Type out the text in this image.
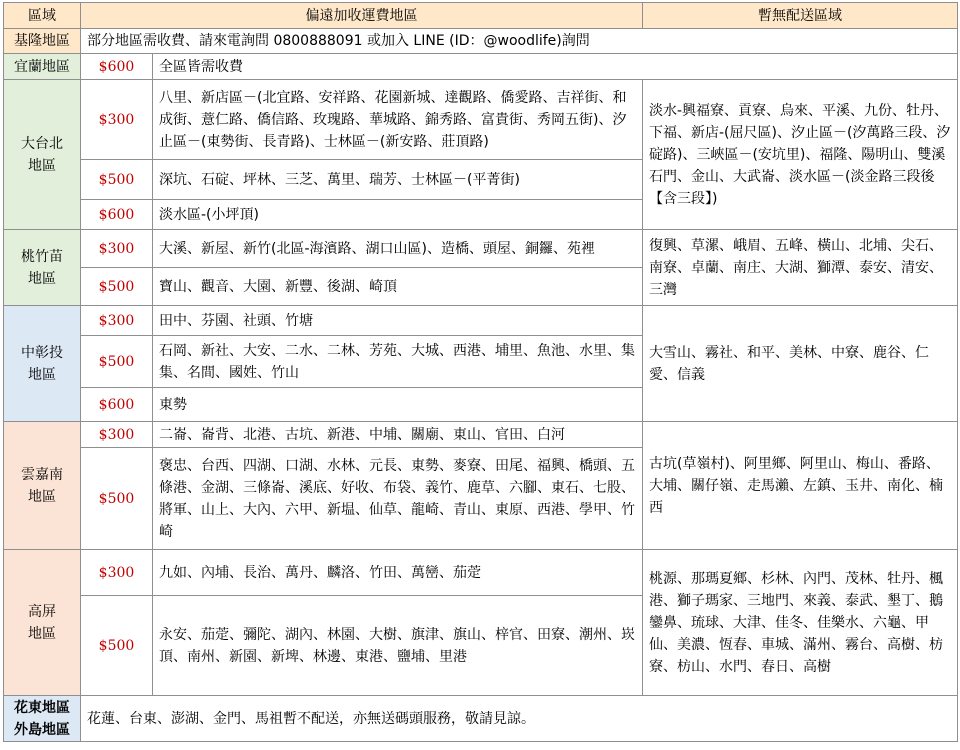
區域	偏遠加收運費地區		暫無配送區域
基隆地區	部分地區需收費、請來電詢問 0800888091 或加入 LINE (ID：@woodlife)詢問		
宜蘭地區	$600	全區皆需收費	

大台北
地區	$300	八里、新店區－(北宜路、安祥路、花園新城、達觀路、僑愛路、吉祥街、和成街、薏仁路、僑信路、玫瑰路、華城路、錦秀路、富貴街、秀岡五街)、汐止區－(東勢街、長青路)、士林區－(新安路、莊頂路)	淡水-興福寮、貢寮、烏來、平溪、九份、牡丹、下福、新店-(屈尺區)、汐止區－(汐萬路三段、汐碇路)、三峽區－(安坑里)、福隆、陽明山、雙溪石門、金山、大武崙、淡水區－(淡金路三段後【含三段】)
	$500	深坑、石碇、坪林、三芝、萬里、瑞芳、士林區－(平菁街)	
	$600	淡水區-(小坪頂)	

桃竹苗
地區	$300	大溪、新屋、新竹(北區-海濱路、湖口山區)、造橋、頭屋、銅鑼、苑裡	復興、草漯、峨眉、五峰、橫山、北埔、尖石、南寮、卓蘭、南庄、大湖、獅潭、泰安、清安、三灣
	$500	寶山、觀音、大園、新豐、後湖、崎頂	

中彰投
地區	$300	田中、芬園、社頭、竹塘	大雪山、霧社、和平、美林、中寮、鹿谷、仁愛、信義
	$500	石岡、新社、大安、二水、二林、芳苑、大城、西港、埔里、魚池、水里、集集、名間、國姓、竹山	
	$600	東勢	

雲嘉南
地區	$300	二崙、崙背、北港、古坑、新港、中埔、關廟、東山、官田、白河	古坑(草嶺村)、阿里鄉、阿里山、梅山、番路、大埔、關仔嶺、走馬瀨、左鎮、玉井、南化、楠西
	$500	褒忠、台西、四湖、口湖、水林、元長、東勢、麥寮、田尾、福興、橋頭、五條港、金湖、三條崙、溪底、好收、布袋、義竹、鹿草、六腳、東石、七股、將軍、山上、大內、六甲、新塭、仙草、龍崎、青山、東原、西港、學甲、竹崎	

高屏
地區	$300	九如、內埔、長治、萬丹、麟洛、竹田、萬巒、茄萣	桃源、那瑪夏鄉、杉林、內門、茂林、牡丹、楓港、獅子瑪家、三地門、來義、泰武、墾丁、鵝鑾鼻、琉球、大津、佳冬、佳樂水、六龜、甲仙、美濃、恆春、車城、滿州、霧台、高樹、枋寮、枋山、水門、春日、高樹
	$500	永安、茄萣、彌陀、湖內、林園、大樹、旗津、旗山、梓官、田寮、潮州、崁頂、南州、新園、新埤、林邊、東港、鹽埔、里港	

花東地區
外島地區	花蓮、台東、澎湖、金門、馬祖暫不配送，亦無送碼頭服務，敬請見諒。		
